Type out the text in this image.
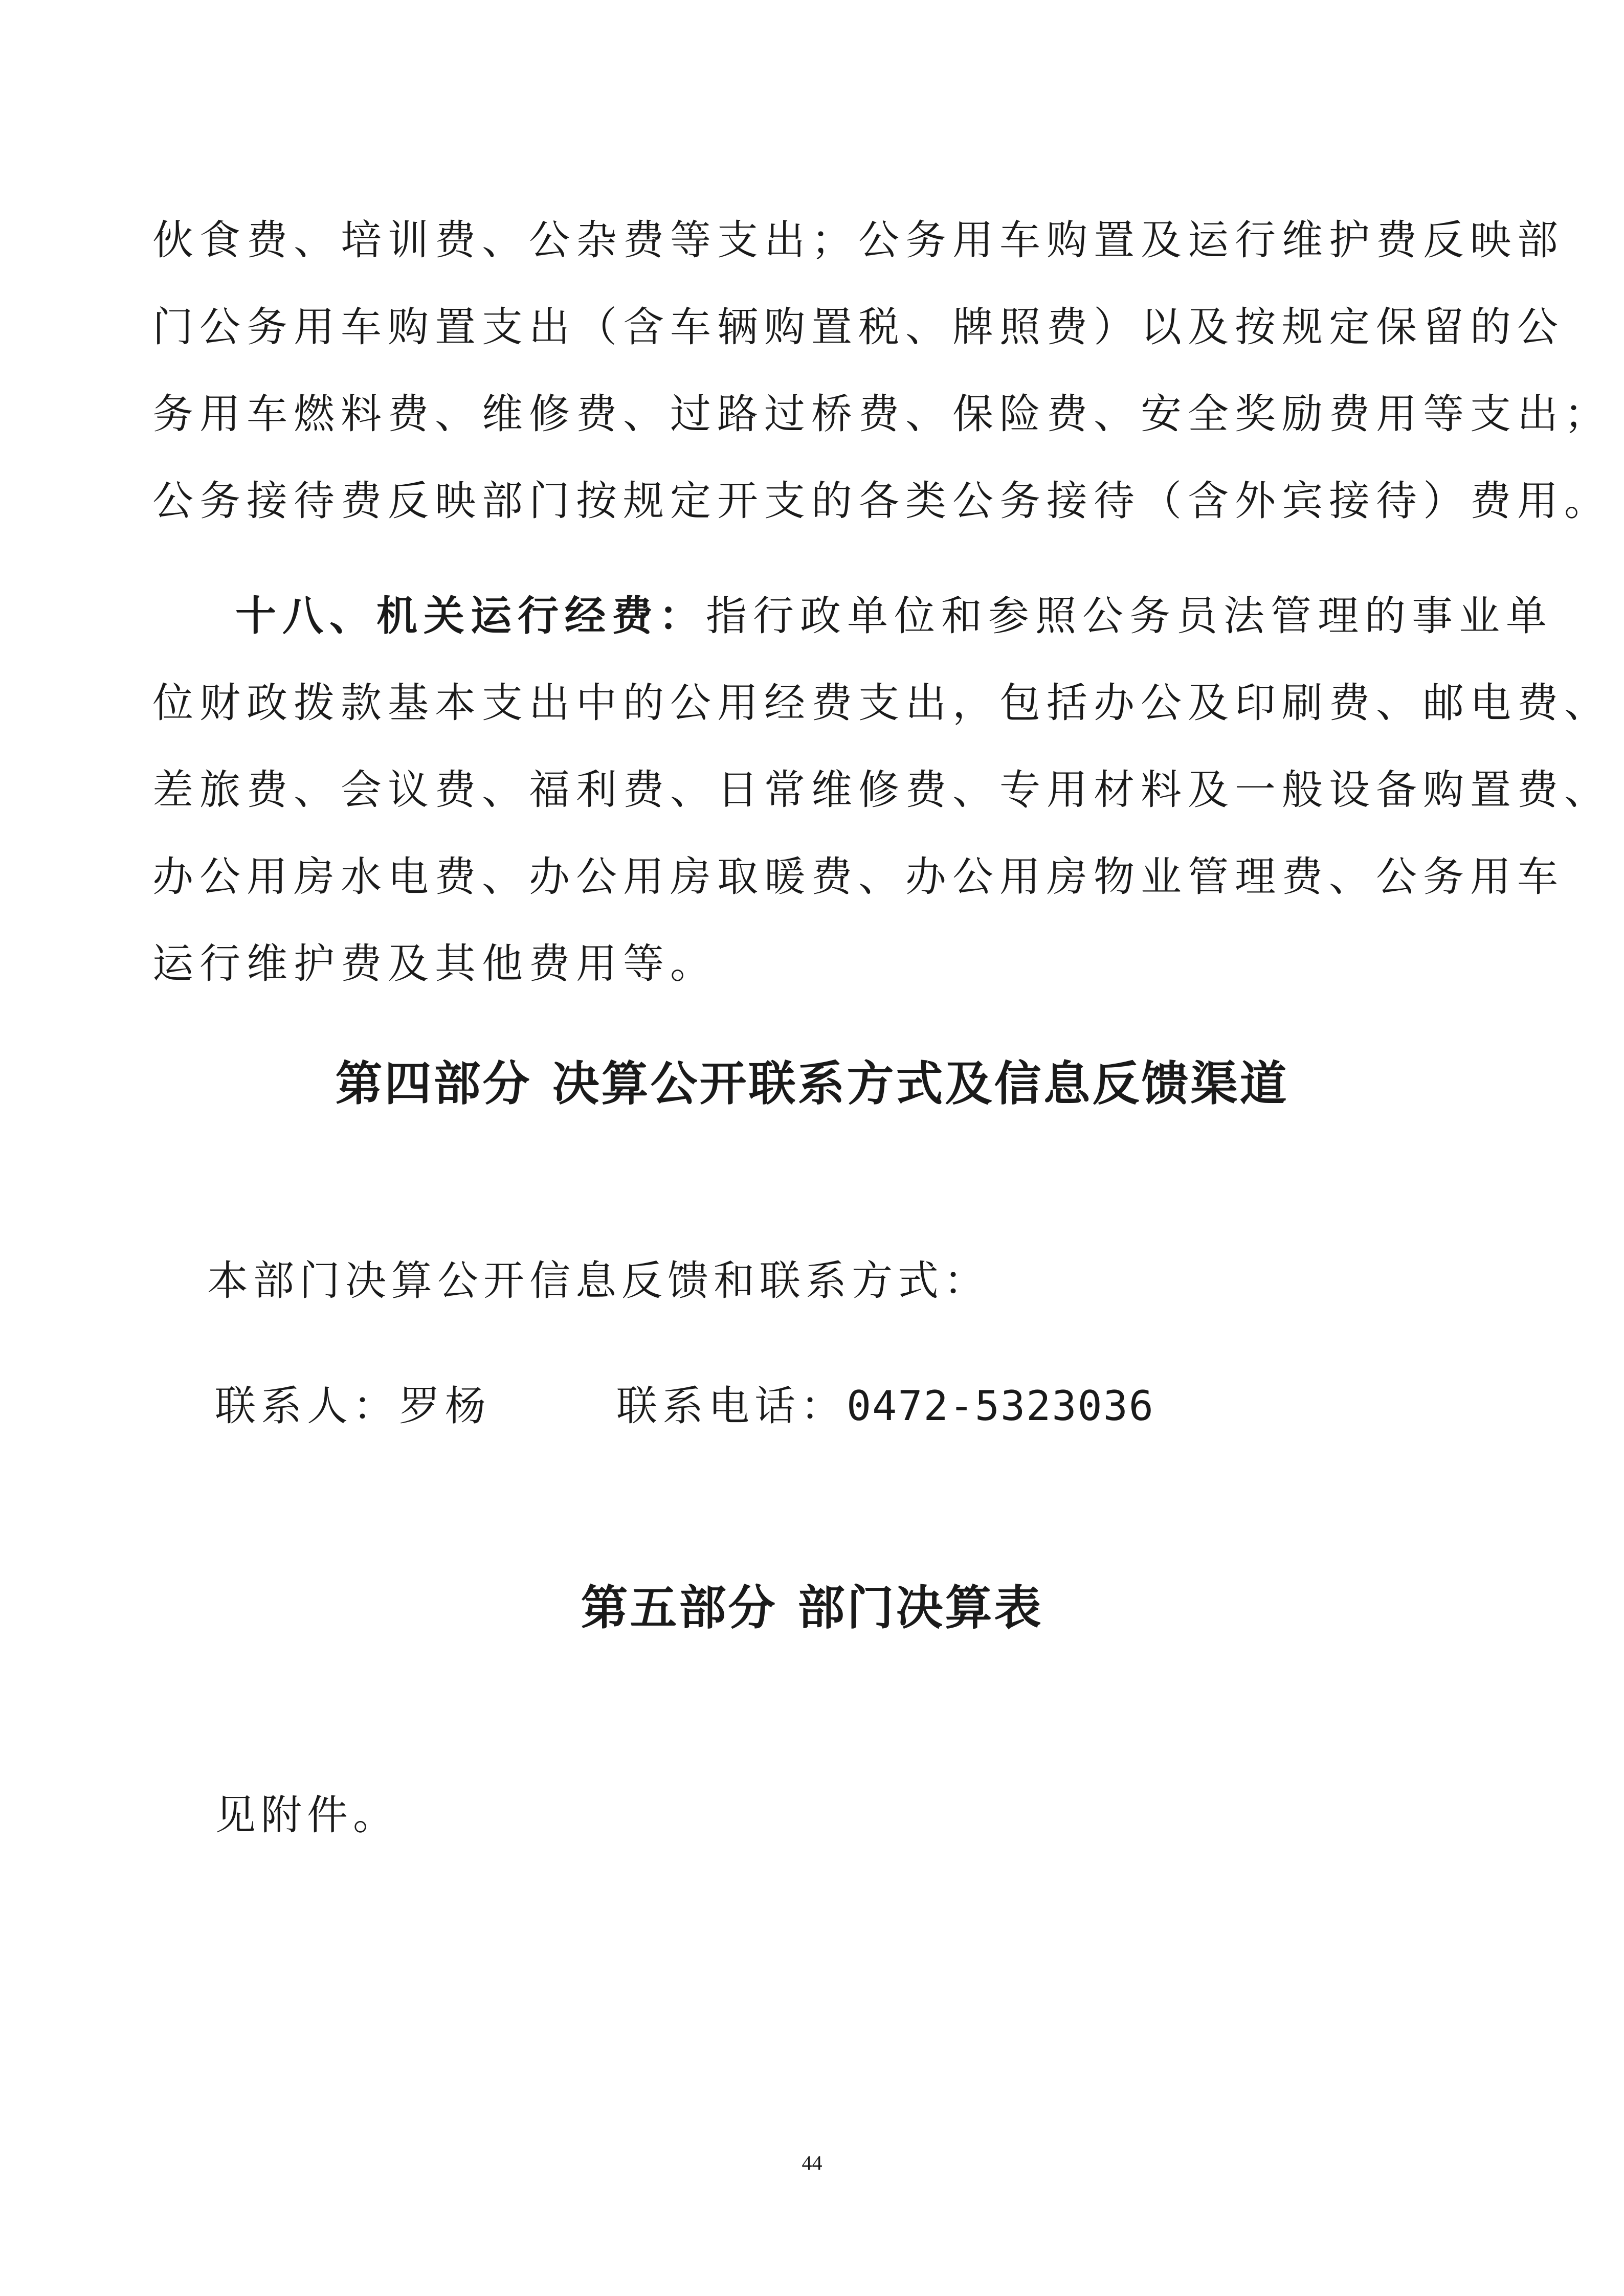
伙食费、培训费、公杂费等支出；公务用车购置及运行维护费反映部
门公务用车购置支出（含车辆购置税、牌照费）以及按规定保留的公
务用车燃料费、维修费、过路过桥费、保险费、安全奖励费用等支出；
公务接待费反映部门按规定开支的各类公务接待（含外宾接待）费用。
十八、机关运行经费：指行政单位和参照公务员法管理的事业单
位财政拨款基本支出中的公用经费支出，包括办公及印刷费、邮电费、
差旅费、会议费、福利费、日常维修费、专用材料及一般设备购置费、
办公用房水电费、办公用房取暖费、办公用房物业管理费、公务用车
运行维护费及其他费用等。
第四部分 决算公开联系方式及信息反馈渠道
本部门决算公开信息反馈和联系方式：
联系人：罗杨	联系电话：0472-5323036
第五部分 部门决算表
见附件。
44
